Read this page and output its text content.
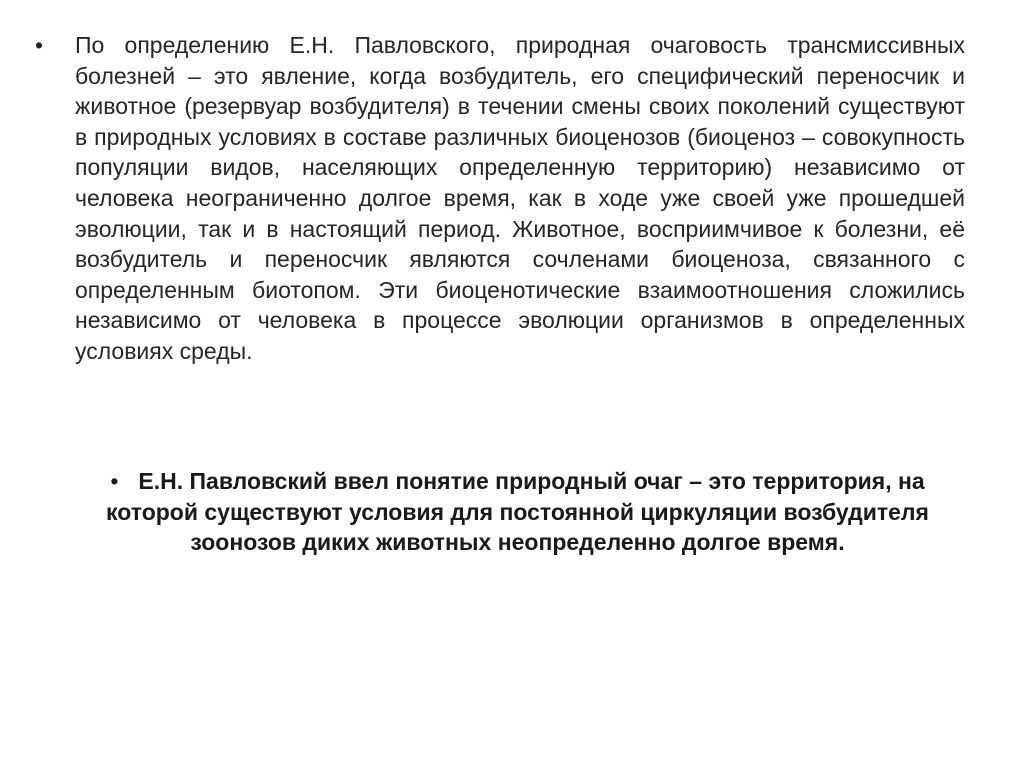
• По определению Е.Н. Павловского, природная очаговость трансмиссивных болезней – это явление, когда возбудитель, его специфический переносчик и животное (резервуар возбудителя) в течении смены своих поколений существуют в природных условиях в составе различных биоценозов (биоценоз – совокупность популяции видов, населяющих определенную территорию) независимо от человека неограниченно долгое время, как в ходе уже своей уже прошедшей эволюции, так и в настоящий период. Животное, восприимчивое к болезни, её возбудитель и переносчик являются сочленами биоценоза, связанного с определенным биотопом. Эти биоценотические взаимоотношения сложились независимо от человека в процессе эволюции организмов в определенных условиях среды.
• Е.Н. Павловский ввел понятие природный очаг – это территория, на которой существуют условия для постоянной циркуляции возбудителя зоонозов диких животных неопределенно долгое время.
